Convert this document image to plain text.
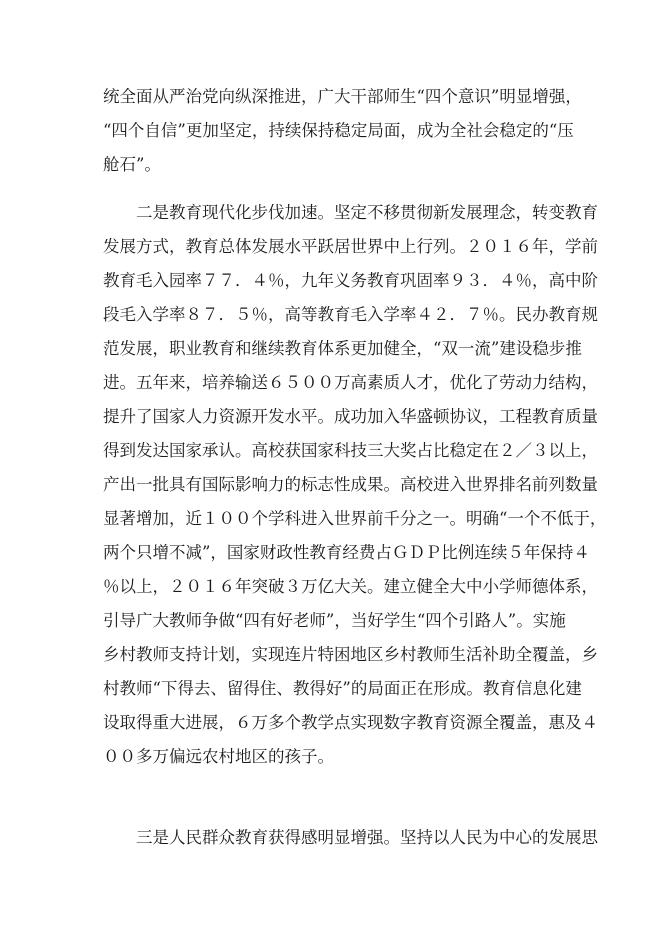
统全面从严治党向纵深推进，广大干部师生“四个意识”明显增强，
“四个自信”更加坚定，持续保持稳定局面，成为全社会稳定的“压
舱石”。
二是教育现代化步伐加速。坚定不移贯彻新发展理念，转变教育
发展方式，教育总体发展水平跃居世界中上行列。２０１６年，学前
教育毛入园率７７．４％，九年义务教育巩固率９３．４％，高中阶
段毛入学率８７．５％，高等教育毛入学率４２．７％。民办教育规
范发展，职业教育和继续教育体系更加健全，“双一流”建设稳步推
进。五年来，培养输送６５００万高素质人才，优化了劳动力结构，
提升了国家人力资源开发水平。成功加入华盛顿协议，工程教育质量
得到发达国家承认。高校获国家科技三大奖占比稳定在２／３以上，
产出一批具有国际影响力的标志性成果。高校进入世界排名前列数量
显著增加，近１００个学科进入世界前千分之一。明确“一个不低于，
两个只增不减”，国家财政性教育经费占ＧＤＰ比例连续５年保持４
％以上，２０１６年突破３万亿大关。建立健全大中小学师德体系，
引导广大教师争做“四有好老师”，当好学生“四个引路人”。实施
乡村教师支持计划，实现连片特困地区乡村教师生活补助全覆盖，乡
村教师“下得去、留得住、教得好”的局面正在形成。教育信息化建
设取得重大进展，６万多个教学点实现数字教育资源全覆盖，惠及４
００多万偏远农村地区的孩子。
三是人民群众教育获得感明显增强。坚持以人民为中心的发展思
